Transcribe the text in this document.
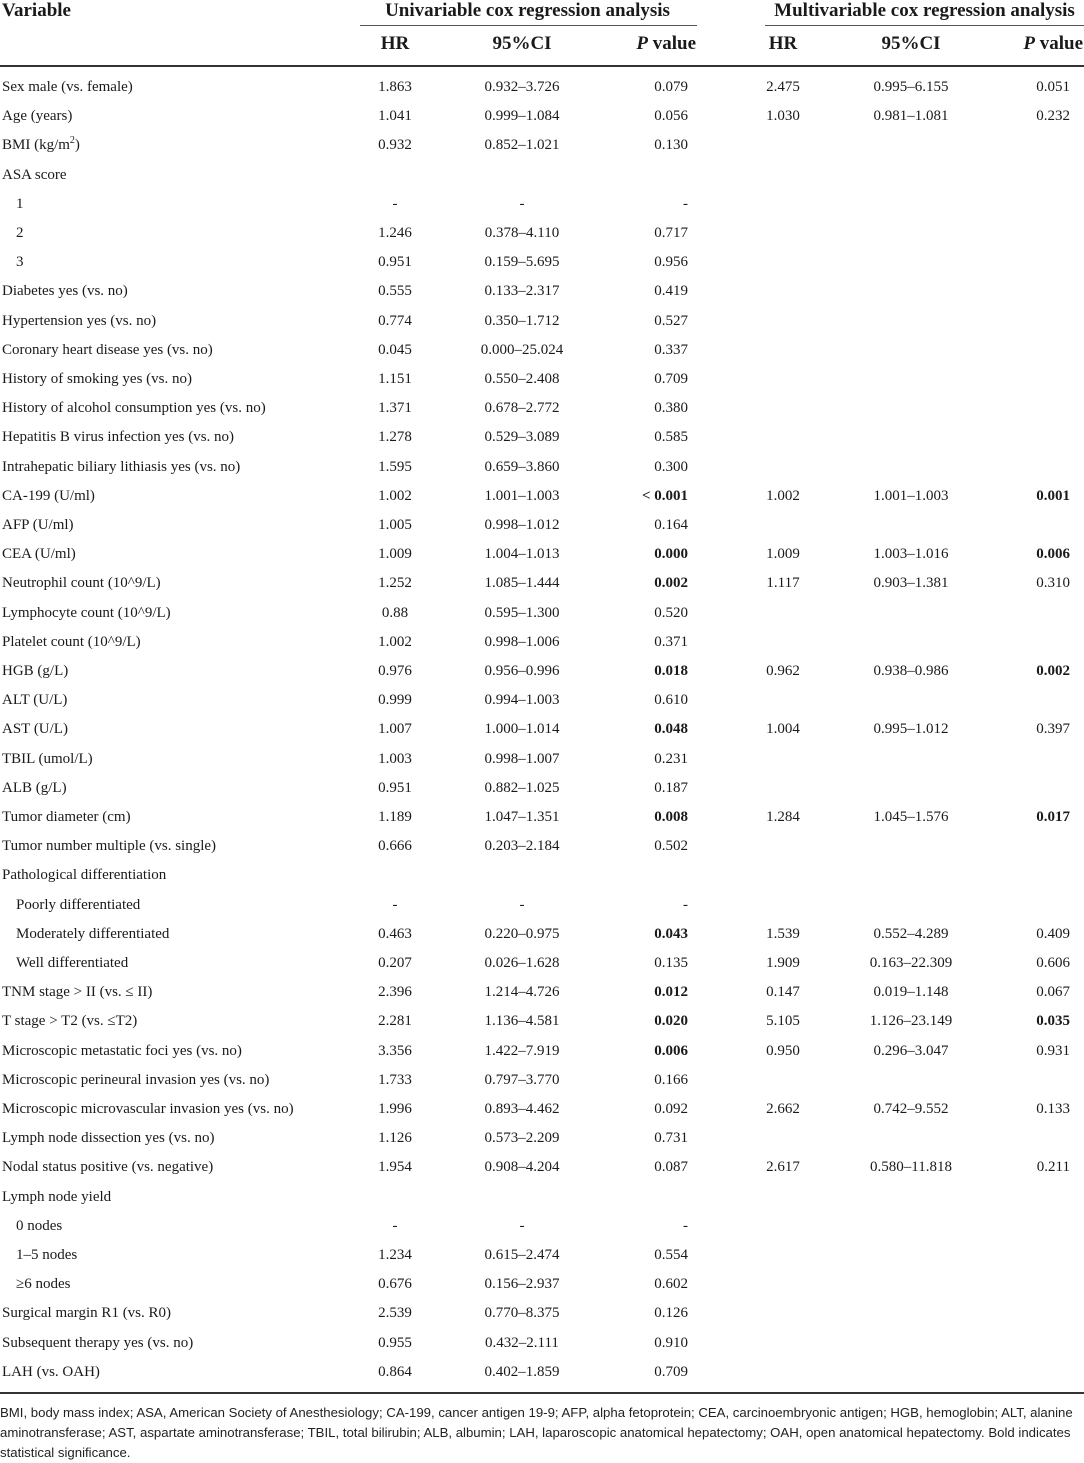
Variable	Univariable cox regression analysis	Multivariable cox regression analysis
HR	95%CI	P value	HR	95%CI	P value
Sex male (vs. female)	1.863	0.932–3.726	0.079	2.475	0.995–6.155	0.051
Age (years)	1.041	0.999–1.084	0.056	1.030	0.981–1.081	0.232
BMI $(kg/m^2)$	0.932	0.852–1.021	0.130
ASA score
1	-	-	-
2	1.246	0.378–4.110	0.717
3	0.951	0.159–5.695	0.956
Diabetes yes (vs. no)	0.555	0.133–2.317	0.419
Hypertension yes (vs. no)	0.774	0.350–1.712	0.527
Coronary heart disease yes (vs. no)	0.045	0.000–25.024	0.337
History of smoking yes (vs. no)	1.151	0.550–2.408	0.709
History of alcohol consumption yes (vs. no)	1.371	0.678–2.772	0.380
Hepatitis B virus infection yes (vs. no)	1.278	0.529–3.089	0.585
Intrahepatic biliary lithiasis yes (vs. no)	1.595	0.659–3.860	0.300
CA-199 (U/ml)	1.002	1.001–1.003	< 0.001	1.002	1.001–1.003	0.001
AFP (U/ml)	1.005	0.998–1.012	0.164
CEA (U/ml)	1.009	1.004–1.013	0.000	1.009	1.003–1.016	0.006
Neutrophil count (10^9/L)	1.252	1.085–1.444	0.002	1.117	0.903–1.381	0.310
Lymphocyte count (10^9/L)	0.88	0.595–1.300	0.520
Platelet count (10^9/L)	1.002	0.998–1.006	0.371
HGB (g/L)	0.976	0.956–0.996	0.018	0.962	0.938–0.986	0.002
ALT (U/L)	0.999	0.994–1.003	0.610
AST (U/L)	1.007	1.000–1.014	0.048	1.004	0.995–1.012	0.397
TBIL (umol/L)	1.003	0.998–1.007	0.231
ALB (g/L)	0.951	0.882–1.025	0.187
Tumor diameter (cm)	1.189	1.047–1.351	0.008	1.284	1.045–1.576	0.017
Tumor number multiple (vs. single)	0.666	0.203–2.184	0.502
Pathological differentiation
Poorly differentiated	-	-	-
Moderately differentiated	0.463	0.220–0.975	0.043	1.539	0.552–4.289	0.409
Well differentiated	0.207	0.026–1.628	0.135	1.909	0.163–22.309	0.606
TNM stage > II (vs. ≤ II)	2.396	1.214–4.726	0.012	0.147	0.019–1.148	0.067
T stage > T2 (vs. ≤T2)	2.281	1.136–4.581	0.020	5.105	1.126–23.149	0.035
Microscopic metastatic foci yes (vs. no)	3.356	1.422–7.919	0.006	0.950	0.296–3.047	0.931
Microscopic perineural invasion yes (vs. no)	1.733	0.797–3.770	0.166
Microscopic microvascular invasion yes (vs. no)	1.996	0.893–4.462	0.092	2.662	0.742–9.552	0.133
Lymph node dissection yes (vs. no)	1.126	0.573–2.209	0.731
Nodal status positive (vs. negative)	1.954	0.908–4.204	0.087	2.617	0.580–11.818	0.211
Lymph node yield
0 nodes	-	-	-
1–5 nodes	1.234	0.615–2.474	0.554
≥6 nodes	0.676	0.156–2.937	0.602
Surgical margin R1 (vs. R0)	2.539	0.770–8.375	0.126
Subsequent therapy yes (vs. no)	0.955	0.432–2.111	0.910
LAH (vs. OAH)	0.864	0.402–1.859	0.709
BMI, body mass index; ASA, American Society of Anesthesiology; CA-199, cancer antigen 19-9; AFP, alpha fetoprotein; CEA, carcinoembryonic antigen; HGB, hemoglobin; ALT, alanine aminotransferase; AST, aspartate aminotransferase; TBIL, total bilirubin; ALB, albumin; LAH, laparoscopic anatomical hepatectomy; OAH, open anatomical hepatectomy. Bold indicates statistical significance.
